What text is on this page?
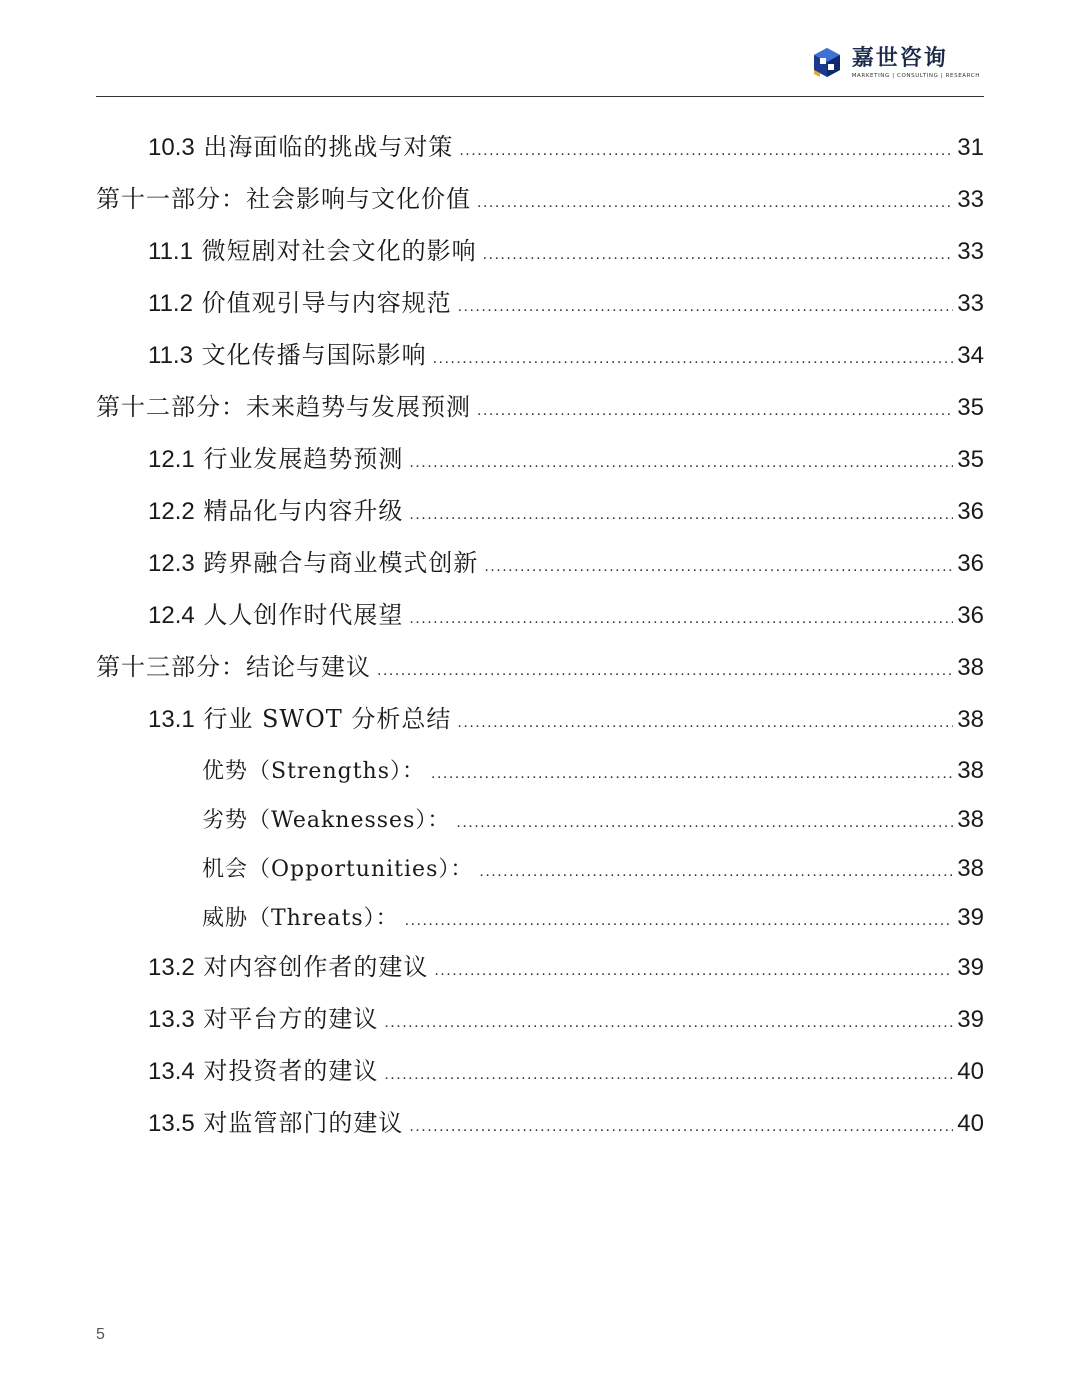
嘉世咨询
MARKETING | CONSULTING | RESEARCH
10.3 出海面临的挑战与对策 .....	31
第十一部分：社会影响与文化价值 .....	33
11.1 微短剧对社会文化的影响 .....	33
11.2 价值观引导与内容规范 .....	33
11.3 文化传播与国际影响 .....	34
第十二部分：未来趋势与发展预测 .....	35
12.1 行业发展趋势预测 .....	35
12.2 精品化与内容升级 .....	36
12.3 跨界融合与商业模式创新 .....	36
12.4 人人创作时代展望 .....	36
第十三部分：结论与建议 .....	38
13.1 行业 SWOT 分析总结 .....	38
优势（Strengths）： .....	38
劣势（Weaknesses）： .....	38
机会（Opportunities）： .....	38
威胁（Threats）： .....	39
13.2 对内容创作者的建议 .....	39
13.3 对平台方的建议 .....	39
13.4 对投资者的建议 .....	40
13.5 对监管部门的建议 .....	40
5
